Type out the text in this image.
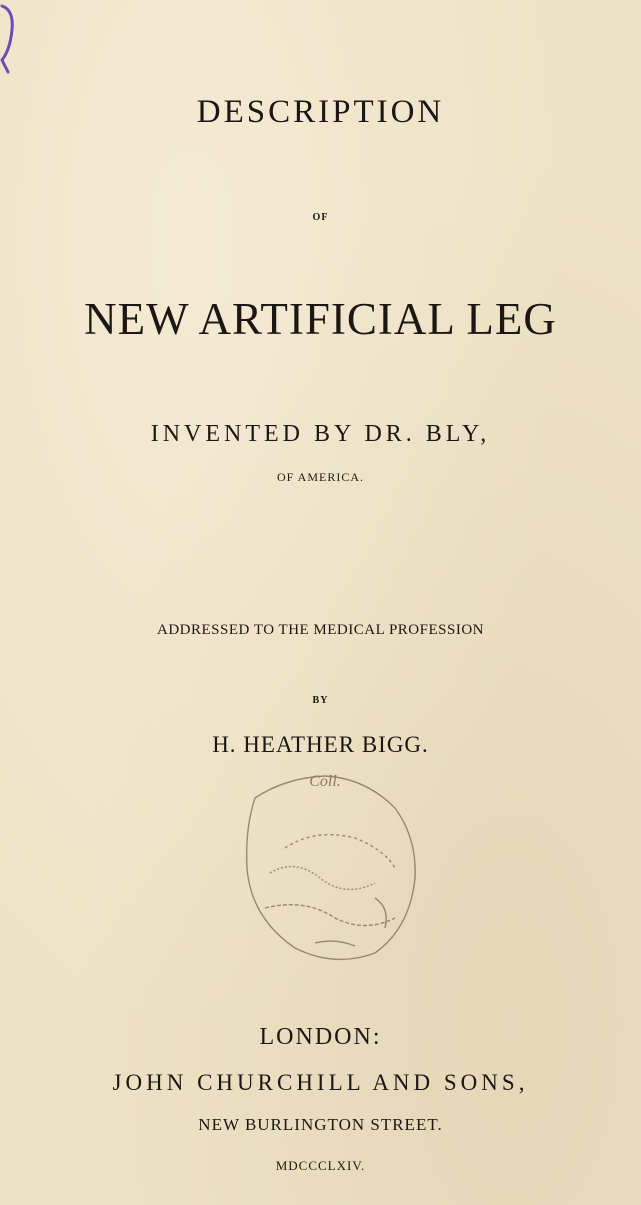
DESCRIPTION
OF
NEW ARTIFICIAL LEG
INVENTED BY DR. BLY,
OF AMERICA.
ADDRESSED TO THE MEDICAL PROFESSION
BY
H. HEATHER BIGG.
Coll.
LONDON:
JOHN CHURCHILL AND SONS,
NEW BURLINGTON STREET.
MDCCCLXIV.
